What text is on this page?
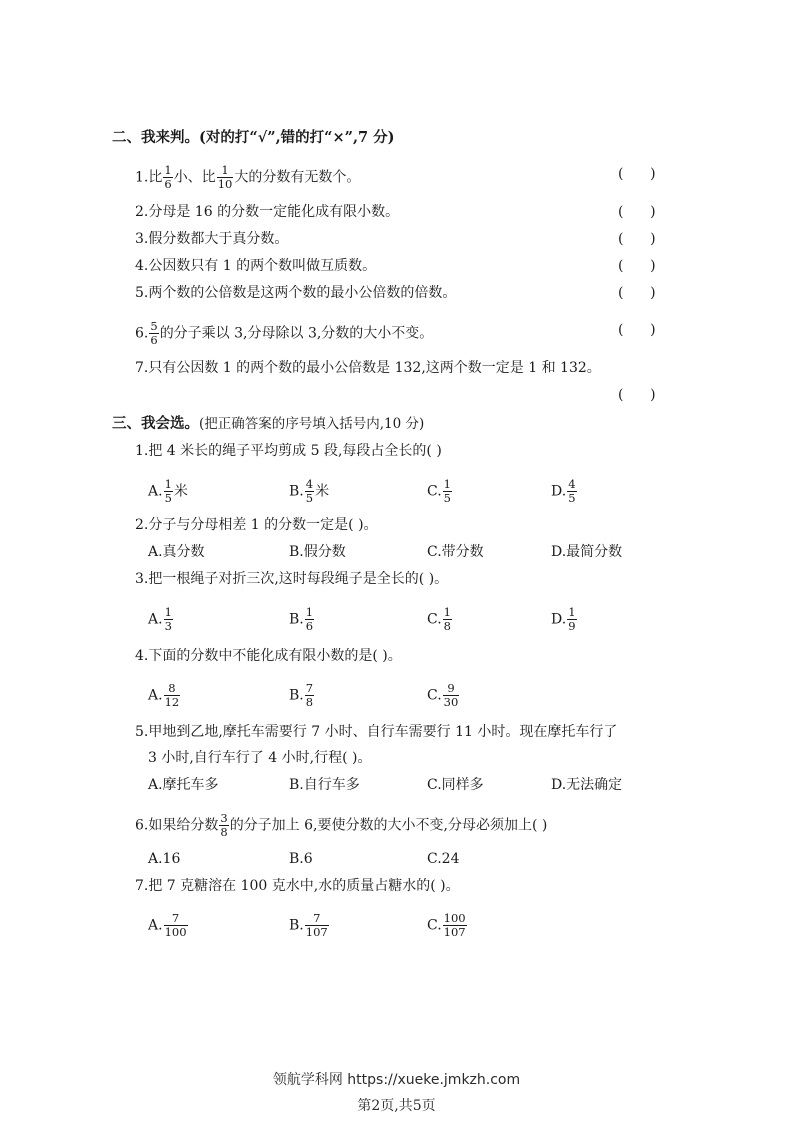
二、我来判。(对的打“√”,错的打“×”,7 分)
1.比 $\frac{1}{6}$ 小、比 $\frac{1}{10}$ 大的分数有无数个。	(      )
2.分母是 16 的分数一定能化成有限小数。	(      )
3.假分数都大于真分数。	(      )
4.公因数只有 1 的两个数叫做互质数。	(      )
5.两个数的公倍数是这两个数的最小公倍数的倍数。	(      )
6. $\frac{5}{6}$ 的分子乘以 3,分母除以 3,分数的大小不变。	(      )
7.只有公因数 1 的两个数的最小公倍数是 132,这两个数一定是 1 和 132。
(      )
三、我会选。(把正确答案的序号填入括号内,10 分)
1.把 4 米长的绳子平均剪成 5 段,每段占全长的( )
A. $\frac{1}{5}$ 米	B. $\frac{4}{5}$ 米	C. $\frac{1}{5}$	D. $\frac{4}{5}$
2.分子与分母相差 1 的分数一定是( )。
A.真分数	B.假分数	C.带分数	D.最简分数
3.把一根绳子对折三次,这时每段绳子是全长的( )。
A. $\frac{1}{3}$	B. $\frac{1}{6}$	C. $\frac{1}{8}$	D. $\frac{1}{9}$
4.下面的分数中不能化成有限小数的是( )。
A. $\frac{8}{12}$	B. $\frac{7}{8}$	C. $\frac{9}{30}$
5.甲地到乙地,摩托车需要行 7 小时、自行车需要行 11 小时。现在摩托车行了
3 小时,自行车行了 4 小时,行程( )。
A.摩托车多	B.自行车多	C.同样多	D.无法确定
6.如果给分数 $\frac{3}{8}$ 的分子加上 6,要使分数的大小不变,分母必须加上( )
A.16	B.6	C.24
7.把 7 克糖溶在 100 克水中,水的质量占糖水的( )。
A. $\frac{7}{100}$	B. $\frac{7}{107}$	C. $\frac{100}{107}$
领航学科网 https://xueke.jmkzh.com
第2页,共5页
